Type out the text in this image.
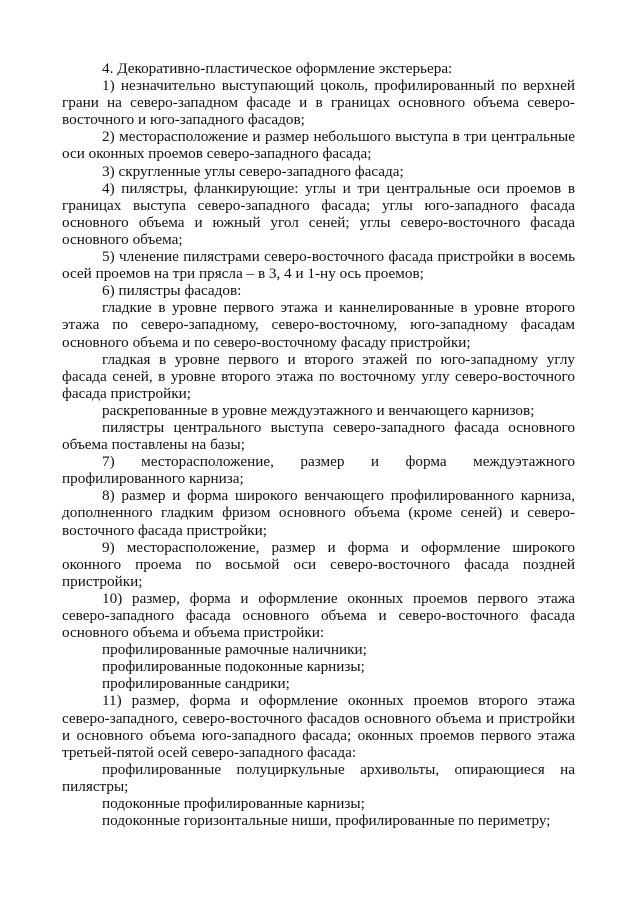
4. Декоративно-пластическое оформление экстерьера:

1) незначительно выступающий цоколь, профилированный по верхней грани на северо-западном фасаде и в границах основного объема северо-восточного и юго-западного фасадов;

2) месторасположение и размер небольшого выступа в три центральные оси оконных проемов северо-западного фасада;

3) скругленные углы северо-западного фасада;

4) пилястры, фланкирующие: углы и три центральные оси проемов в границах выступа северо-западного фасада; углы юго-западного фасада основного объема и южный угол сеней; углы северо-восточного фасада основного объема;

5) членение пилястрами северо-восточного фасада пристройки в восемь осей проемов на три прясла – в 3, 4 и 1-ну ось проемов;

6) пилястры фасадов:

гладкие в уровне первого этажа и каннелированные в уровне второго этажа по северо-западному, северо-восточному, юго-западному фасадам основного объема и по северо-восточному фасаду пристройки;

гладкая в уровне первого и второго этажей по юго-западному углу фасада сеней, в уровне второго этажа по восточному углу северо-восточного фасада пристройки;

раскрепованные в уровне междуэтажного и венчающего карнизов;

пилястры центрального выступа северо-западного фасада основного объема поставлены на базы;

7) месторасположение, размер и форма междуэтажного профилированного карниза;

8) размер и форма широкого венчающего профилированного карниза, дополненного гладким фризом основного объема (кроме сеней) и северо-восточного фасада пристройки;

9) месторасположение, размер и форма и оформление широкого оконного проема по восьмой оси северо-восточного фасада поздней пристройки;

10) размер, форма и оформление оконных проемов первого этажа северо-западного фасада основного объема и северо-восточного фасада основного объема и объема пристройки:

профилированные рамочные наличники;

профилированные подоконные карнизы;

профилированные сандрики;

11) размер, форма и оформление оконных проемов второго этажа северо-западного, северо-восточного фасадов основного объема и пристройки и основного объема юго-западного фасада; оконных проемов первого этажа третьей-пятой осей северо-западного фасада:

профилированные полуциркульные архивольты, опирающиеся на пилястры;

подоконные профилированные карнизы;

подоконные горизонтальные ниши, профилированные по периметру;
